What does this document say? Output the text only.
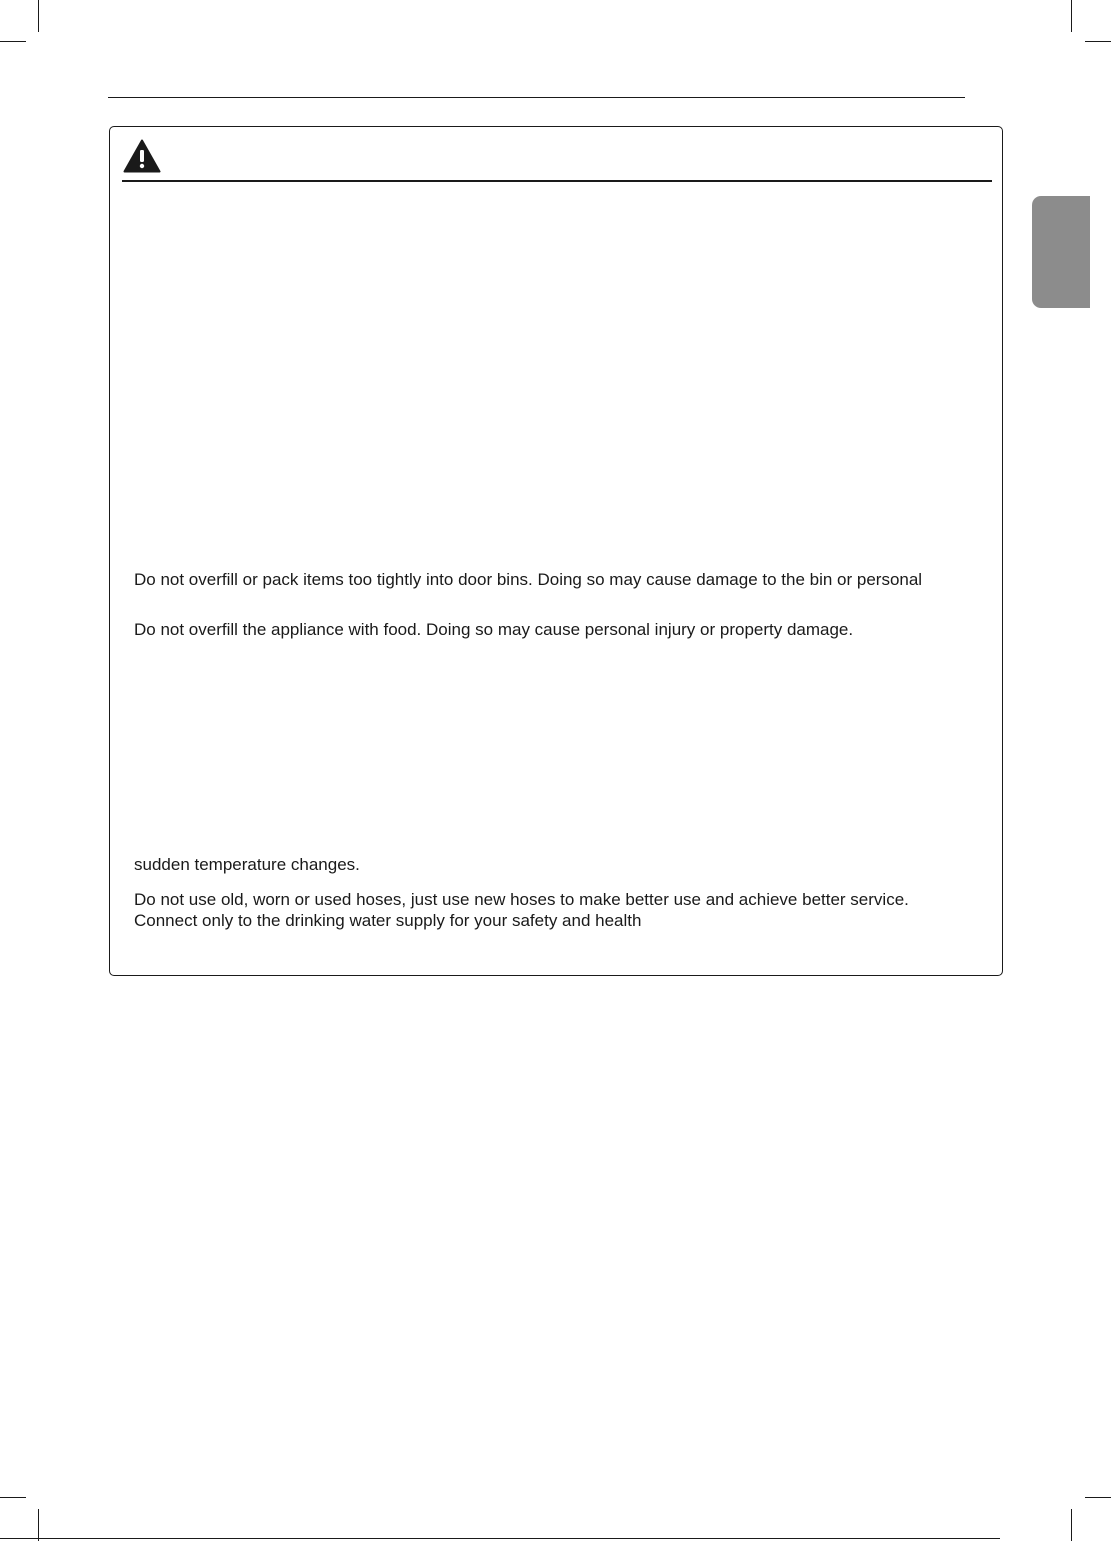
Do not overfill or pack items too tightly into door bins. Doing so may cause damage to the bin or personal

Do not overfill the appliance with food. Doing so may cause personal injury or property damage.

sudden temperature changes.

Do not use old, worn or used hoses, just use new hoses to make better use and achieve better service.

Connect only to the drinking water supply for your safety and health
